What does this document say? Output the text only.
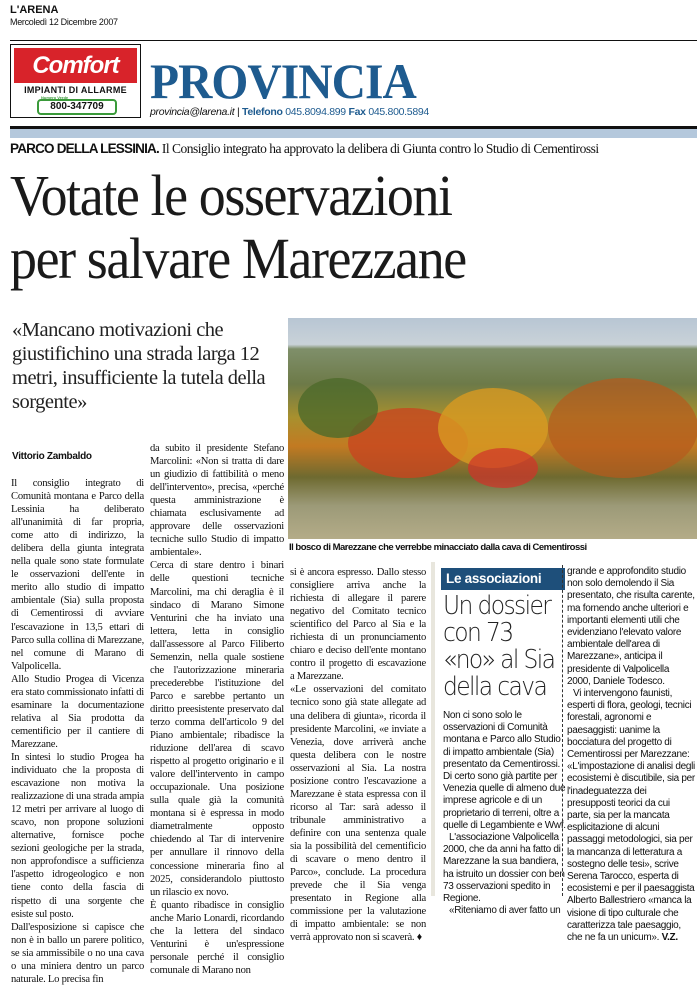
L'ARENA
Mercoledì 12 Dicembre 2007
Comfort
IMPIANTI DI ALLARME
800-347709
Numero Verde PROVINCIA
provincia@larena.it | Telefono 045.8094.899 Fax 045.800.5894
PARCO DELLA LESSINIA. Il Consiglio integrato ha approvato la delibera di Giunta contro lo Studio di Cementirossi
Votate le osservazioni
per salvare Marezzane
«Mancano motivazioni che giustifichino una strada larga 12 metri, insufficiente la tutela della sorgente»
Vittorio Zambaldo
Il bosco di Marezzane che verrebbe minacciato dalla cava di Cementirossi

Il consiglio integrato di Comunità montana e Parco della Lessinia ha deliberato all'unanimità di far propria, come atto di indirizzo, la delibera della giunta integrata nella quale sono state formulate le osservazioni dell'ente in merito allo studio di impatto ambientale (Sia) sulla proposta di Cementirossi di avviare l'escavazione in 13,5 ettari di Parco sulla collina di Marezzane, nel comune di Marano di Valpolicella.

Allo Studio Progea di Vicenza era stato commissionato infatti di esaminare la documentazione relativa al Sia prodotta da cementificio per il cantiere di Marezzane.

In sintesi lo studio Progea ha individuato che la proposta di escavazione non motiva la realizzazione di una strada ampia 12 metri per arrivare al luogo di scavo, non propone soluzioni alternative, fornisce poche sezioni geologiche per la strada, non approfondisce a sufficienza l'aspetto idrogeologico e non tiene conto della fascia di rispetto di una sorgente che esiste sul posto.

Dall'esposizione si capisce che non è in ballo un parere politico, se sia ammissibile o no una cava o una miniera dentro un parco naturale. Lo precisa fin

da subito il presidente Stefano Marcolini: «Non si tratta di dare un giudizio di fattibilità o meno dell'intervento», precisa, «perché questa amministrazione è chiamata esclusivamente ad approvare delle osservazioni tecniche sullo Studio di impatto ambientale».

Cerca di stare dentro i binari delle questioni tecniche Marcolini, ma chi deraglia è il sindaco di Marano Simone Venturini che ha inviato una lettera, letta in consiglio dall'assessore al Parco Filiberto Semenzin, nella quale sostiene che l'autorizzazione mineraria precederebbe l'istituzione del Parco e sarebbe pertanto un diritto preesistente preservato dal terzo comma dell'articolo 9 del Piano ambientale; ribadisce la riduzione dell'area di scavo rispetto al progetto originario e il valore dell'intervento in campo occupazionale. Una posizione sulla quale già la comunità montana si è espressa in modo diametralmente opposto chiedendo al Tar di intervenire per annullare il rinnovo della concessione mineraria fino al 2025, considerandolo piuttosto un rilascio ex novo.

È quanto ribadisce in consiglio anche Mario Lonardi, ricordando che la lettera del sindaco Venturini è un'espressione personale perché il consiglio comunale di Marano non

si è ancora espresso. Dallo stesso consigliere arriva anche la richiesta di allegare il parere negativo del Comitato tecnico scientifico del Parco al Sia e la richiesta di un pronunciamento chiaro e deciso dell'ente montano contro il progetto di escavazione a Marezzane.

«Le osservazioni del comitato tecnico sono già state allegate ad una delibera di giunta», ricorda il presidente Marcolini, «e inviate a Venezia, dove arriverà anche questa delibera con le nostre osservazioni al Sia. La nostra posizione contro l'escavazione a Marezzane è stata espressa con il ricorso al Tar: sarà adesso il tribunale amministrativo a definire con una sentenza quale sia la possibilità del cementificio di scavare o meno dentro il Parco», conclude. La procedura prevede che il Sia venga presentato in Regione alla commissione per la valutazione di impatto ambientale: se non verrà approvato non si scaverà. ♦

Le associazioni
Un dossier con 73 «no» al Sia della cava

Non ci sono solo le osservazioni di Comunità montana e Parco allo Studio di impatto ambientale (Sia) presentato da Cementirossi. Di certo sono già partite per Venezia quelle di almeno due imprese agricole e di un proprietario di terreni, oltre a quelle di Legambiente e Wwf.

L'associazione Valpolicella 2000, che da anni ha fatto di Marezzane la sua bandiera, ha istruito un dossier con ben 73 osservazioni spedito in Regione.

«Riteniamo di aver fatto un

grande e approfondito studio non solo demolendo il Sia presentato, che risulta carente, ma fornendo anche ulteriori e importanti elementi utili che evidenziano l'elevato valore ambientale dell'area di Marezzane», anticipa il presidente di Valpolicella 2000, Daniele Todesco.

Vi intervengono faunisti, esperti di flora, geologi, tecnici forestali, agronomi e paesaggisti: uanime la bocciatura del progetto di Cementirossi per Marezzane: «L'impostazione di analisi degli ecosistemi è discutibile, sia per l'inadeguatezza dei presupposti teorici da cui parte, sia per la mancata esplicitazione di alcuni passaggi metodologici, sia per la mancanza di letteratura a sostegno delle tesi», scrive Serena Tarocco, esperta di ecosistemi e per il paesaggista Alberto Ballestriero «manca la visione di tipo culturale che caratterizza tale paesaggio, che ne fa un unicum». V.Z.
